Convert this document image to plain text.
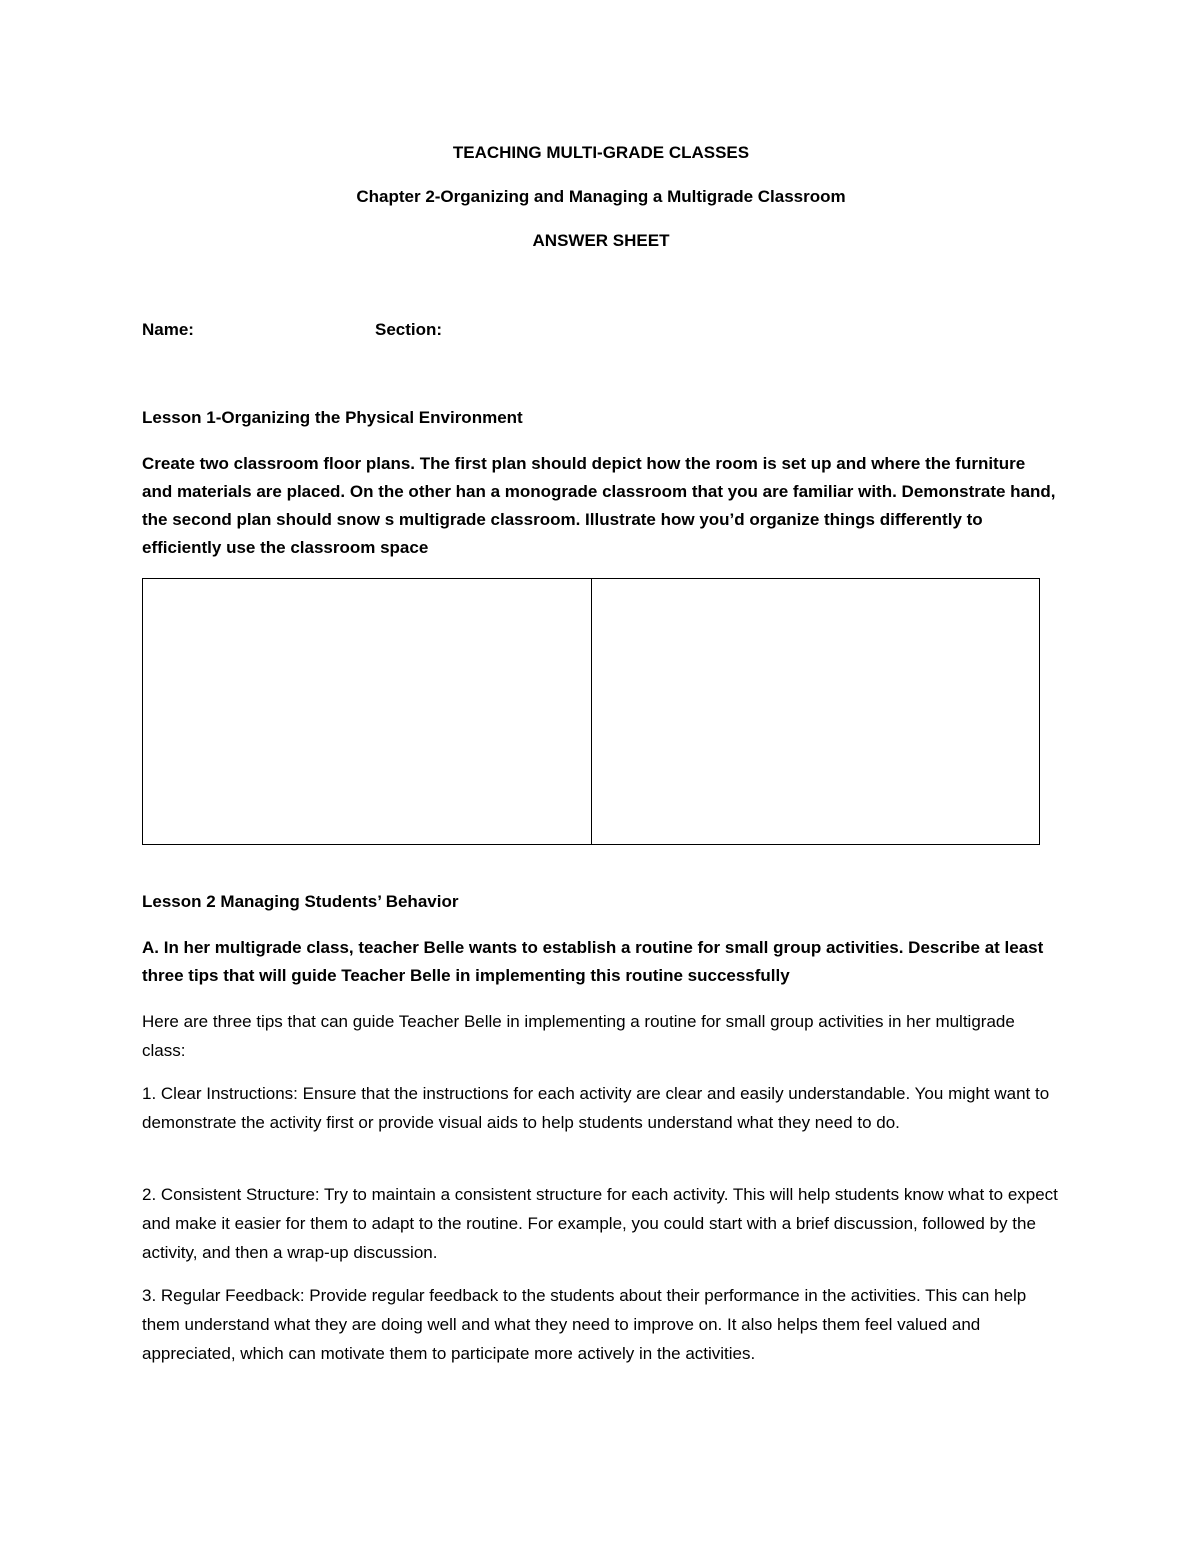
TEACHING MULTI-GRADE CLASSES
Chapter 2-Organizing and Managing a Multigrade Classroom
ANSWER SHEET
Name:	Section:
Lesson 1-Organizing the Physical Environment
Create two classroom floor plans. The first plan should depict how the room is set up and where the furniture and materials are placed. On the other han a monograde classroom that you are familiar with. Demonstrate hand, the second plan should snow s multigrade classroom. Illustrate how you’d organize things differently to efficiently use the classroom space
Lesson 2 Managing Students’ Behavior
A. In her multigrade class, teacher Belle wants to establish a routine for small group activities. Describe at least three tips that will guide Teacher Belle in implementing this routine successfully
Here are three tips that can guide Teacher Belle in implementing a routine for small group activities in her multigrade class:
1. Clear Instructions: Ensure that the instructions for each activity are clear and easily understandable. You might want to demonstrate the activity first or provide visual aids to help students understand what they need to do.
2. Consistent Structure: Try to maintain a consistent structure for each activity. This will help students know what to expect and make it easier for them to adapt to the routine. For example, you could start with a brief discussion, followed by the activity, and then a wrap-up discussion.
3. Regular Feedback: Provide regular feedback to the students about their performance in the activities. This can help them understand what they are doing well and what they need to improve on. It also helps them feel valued and appreciated, which can motivate them to participate more actively in the activities.
